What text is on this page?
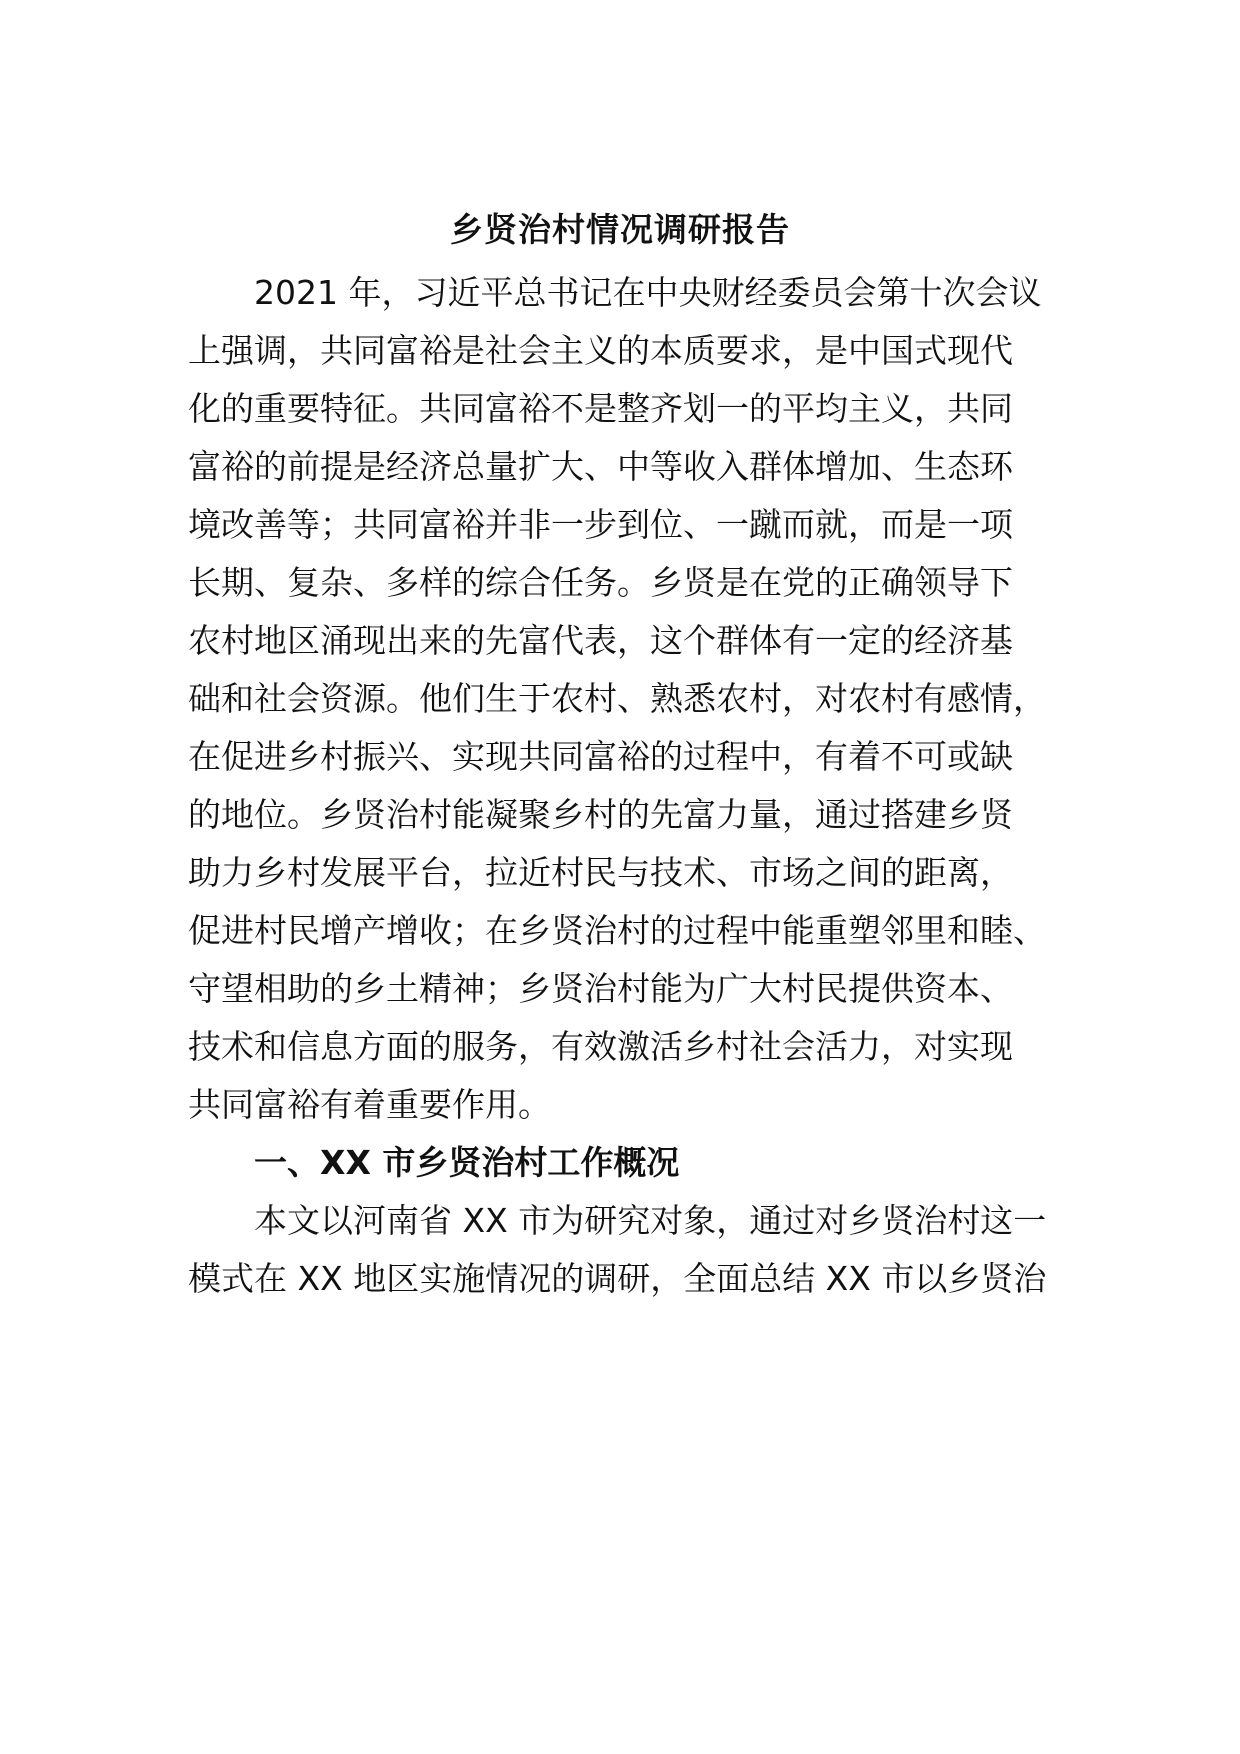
乡贤治村情况调研报告
2021 年，习近平总书记在中央财经委员会第十次会议
上强调，共同富裕是社会主义的本质要求，是中国式现代
化的重要特征。共同富裕不是整齐划一的平均主义，共同
富裕的前提是经济总量扩大、中等收入群体增加、生态环
境改善等；共同富裕并非一步到位、一蹴而就，而是一项
长期、复杂、多样的综合任务。乡贤是在党的正确领导下
农村地区涌现出来的先富代表，这个群体有一定的经济基
础和社会资源。他们生于农村、熟悉农村，对农村有感情，
在促进乡村振兴、实现共同富裕的过程中，有着不可或缺
的地位。乡贤治村能凝聚乡村的先富力量，通过搭建乡贤
助力乡村发展平台，拉近村民与技术、市场之间的距离，
促进村民增产增收；在乡贤治村的过程中能重塑邻里和睦、
守望相助的乡土精神；乡贤治村能为广大村民提供资本、
技术和信息方面的服务，有效激活乡村社会活力，对实现
共同富裕有着重要作用。
一、XX 市乡贤治村工作概况
本文以河南省 XX 市为研究对象，通过对乡贤治村这一
模式在 XX 地区实施情况的调研，全面总结 XX 市以乡贤治
